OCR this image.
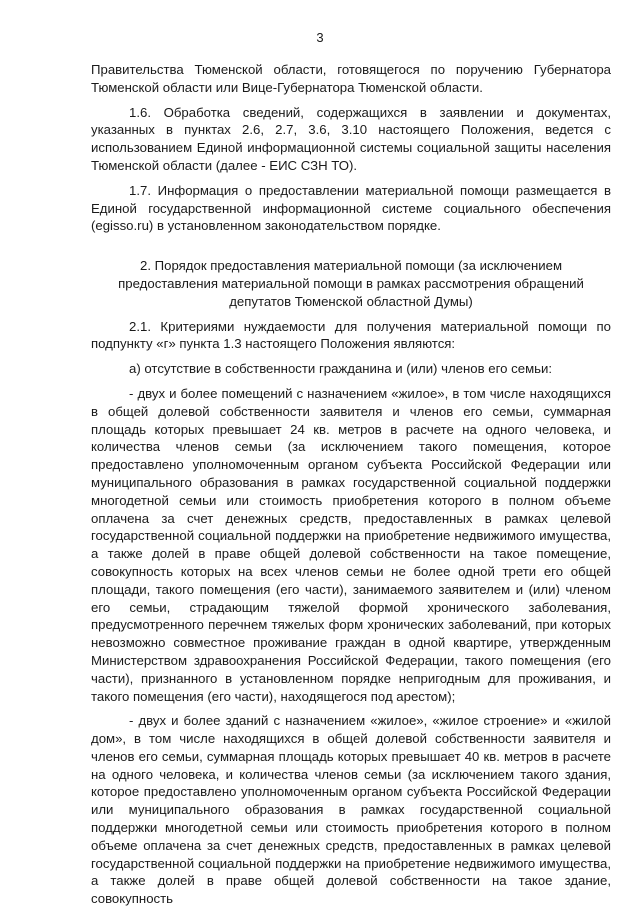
3

Правительства Тюменской области, готовящегося по поручению Губернатора Тюменской области или Вице-Губернатора Тюменской области.

1.6. Обработка сведений, содержащихся в заявлении и документах, указанных в пунктах 2.6, 2.7, 3.6, 3.10 настоящего Положения, ведется с использованием Единой информационной системы социальной защиты населения Тюменской области (далее - ЕИС СЗН ТО).

1.7. Информация о предоставлении материальной помощи размещается в Единой государственной информационной системе социального обеспечения (egisso.ru) в установленном законодательством порядке.

2. Порядок предоставления материальной помощи (за исключением предоставления материальной помощи в рамках рассмотрения обращений депутатов Тюменской областной Думы)

2.1. Критериями нуждаемости для получения материальной помощи по подпункту «г» пункта 1.3 настоящего Положения являются:

а) отсутствие в собственности гражданина и (или) членов его семьи:

- двух и более помещений с назначением «жилое», в том числе находящихся в общей долевой собственности заявителя и членов его семьи, суммарная площадь которых превышает 24 кв. метров в расчете на одного человека, и количества членов семьи (за исключением такого помещения, которое предоставлено уполномоченным органом субъекта Российской Федерации или муниципального образования в рамках государственной социальной поддержки многодетной семьи или стоимость приобретения которого в полном объеме оплачена за счет денежных средств, предоставленных в рамках целевой государственной социальной поддержки на приобретение недвижимого имущества, а также долей в праве общей долевой собственности на такое помещение, совокупность которых на всех членов семьи не более одной трети его общей площади, такого помещения (его части), занимаемого заявителем и (или) членом его семьи, страдающим тяжелой формой хронического заболевания, предусмотренного перечнем тяжелых форм хронических заболеваний, при которых невозможно совместное проживание граждан в одной квартире, утвержденным Министерством здравоохранения Российской Федерации, такого помещения (его части), признанного в установленном порядке непригодным для проживания, и такого помещения (его части), находящегося под арестом);

- двух и более зданий с назначением «жилое», «жилое строение» и «жилой дом», в том числе находящихся в общей долевой собственности заявителя и членов его семьи, суммарная площадь которых превышает 40 кв. метров в расчете на одного человека, и количества членов семьи (за исключением такого здания, которое предоставлено уполномоченным органом субъекта Российской Федерации или муниципального образования в рамках государственной социальной поддержки многодетной семьи или стоимость приобретения которого в полном объеме оплачена за счет денежных средств, предоставленных в рамках целевой государственной социальной поддержки на приобретение недвижимого имущества, а также долей в праве общей долевой собственности на такое здание, совокупность
